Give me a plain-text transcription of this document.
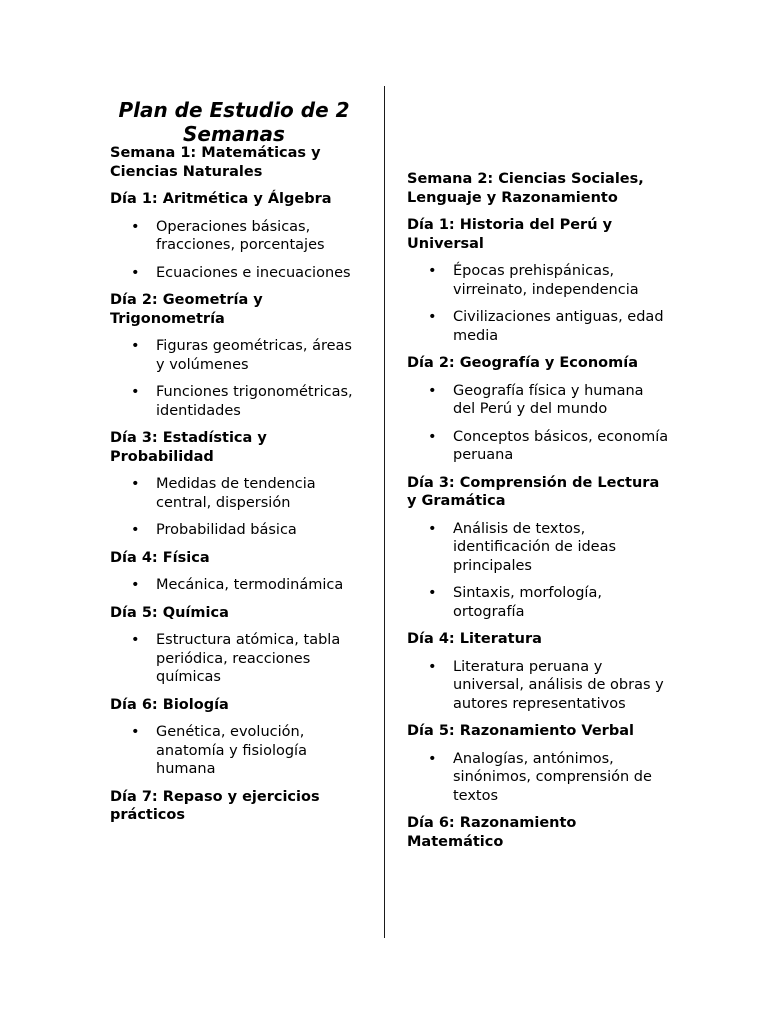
Plan de Estudio de 2 Semanas
Semana 1: Matemáticas y Ciencias Naturales
Día 1: Aritmética y Álgebra
• Operaciones básicas, fracciones, porcentajes
• Ecuaciones e inecuaciones
Día 2: Geometría y Trigonometría
• Figuras geométricas, áreas y volúmenes
• Funciones trigonométricas, identidades
Día 3: Estadística y Probabilidad
• Medidas de tendencia central, dispersión
• Probabilidad básica
Día 4: Física
• Mecánica, termodinámica
Día 5: Química
• Estructura atómica, tabla periódica, reacciones químicas
Día 6: Biología
• Genética, evolución, anatomía y fisiología humana
Día 7: Repaso y ejercicios prácticos
Semana 2: Ciencias Sociales, Lenguaje y Razonamiento
Día 1: Historia del Perú y Universal
• Épocas prehispánicas, virreinato, independencia
• Civilizaciones antiguas, edad media
Día 2: Geografía y Economía
• Geografía física y humana del Perú y del mundo
• Conceptos básicos, economía peruana
Día 3: Comprensión de Lectura y Gramática
• Análisis de textos, identificación de ideas principales
• Sintaxis, morfología, ortografía
Día 4: Literatura
• Literatura peruana y universal, análisis de obras y autores representativos
Día 5: Razonamiento Verbal
• Analogías, antónimos, sinónimos, comprensión de textos
Día 6: Razonamiento Matemático
